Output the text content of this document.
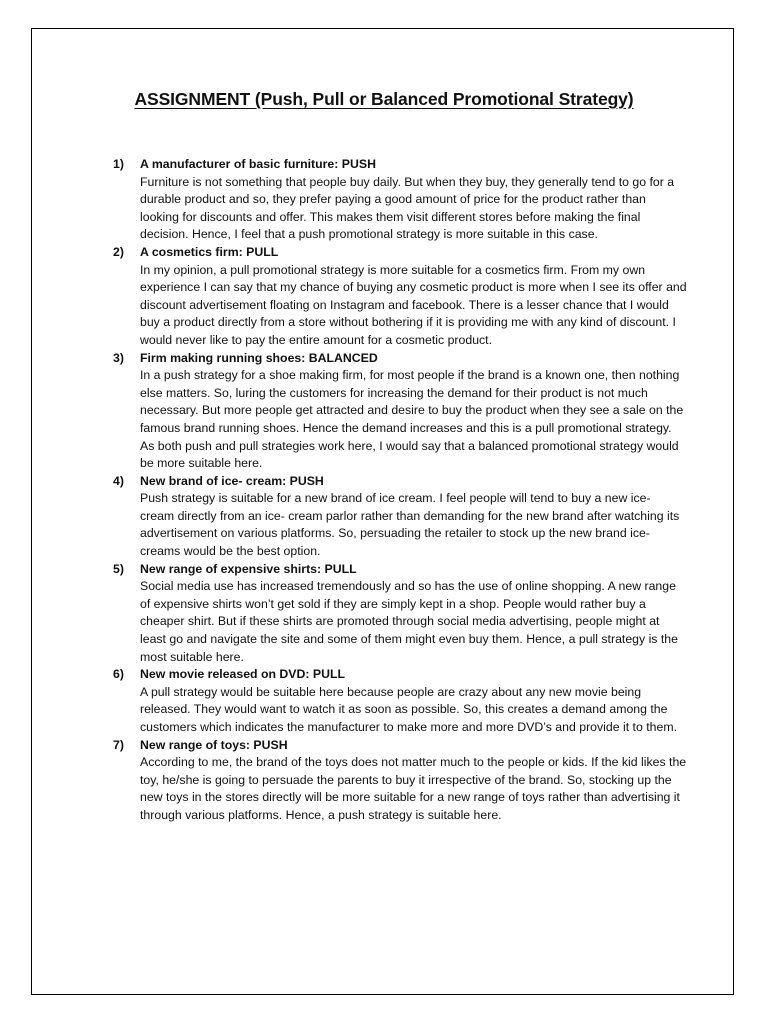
ASSIGNMENT (Push, Pull or Balanced Promotional Strategy)
1) A manufacturer of basic furniture: PUSH
Furniture is not something that people buy daily. But when they buy, they generally tend to go for a durable product and so, they prefer paying a good amount of price for the product rather than looking for discounts and offer. This makes them visit different stores before making the final decision. Hence, I feel that a push promotional strategy is more suitable in this case.
2) A cosmetics firm: PULL
In my opinion, a pull promotional strategy is more suitable for a cosmetics firm. From my own experience I can say that my chance of buying any cosmetic product is more when I see its offer and discount advertisement floating on Instagram and facebook. There is a lesser chance that I would buy a product directly from a store without bothering if it is providing me with any kind of discount. I would never like to pay the entire amount for a cosmetic product.
3) Firm making running shoes: BALANCED
In a push strategy for a shoe making firm, for most people if the brand is a known one, then nothing else matters. So, luring the customers for increasing the demand for their product is not much necessary. But more people get attracted and desire to buy the product when they see a sale on the famous brand running shoes. Hence the demand increases and this is a pull promotional strategy. As both push and pull strategies work here, I would say that a balanced promotional strategy would be more suitable here.
4) New brand of ice- cream: PUSH
Push strategy is suitable for a new brand of ice cream. I feel people will tend to buy a new ice- cream directly from an ice- cream parlor rather than demanding for the new brand after watching its advertisement on various platforms. So, persuading the retailer to stock up the new brand ice- creams would be the best option.
5) New range of expensive shirts: PULL
Social media use has increased tremendously and so has the use of online shopping. A new range of expensive shirts won’t get sold if they are simply kept in a shop. People would rather buy a cheaper shirt. But if these shirts are promoted through social media advertising, people might at least go and navigate the site and some of them might even buy them. Hence, a pull strategy is the most suitable here.
6) New movie released on DVD: PULL
A pull strategy would be suitable here because people are crazy about any new movie being released. They would want to watch it as soon as possible. So, this creates a demand among the customers which indicates the manufacturer to make more and more DVD’s and provide it to them.
7) New range of toys: PUSH
According to me, the brand of the toys does not matter much to the people or kids. If the kid likes the toy, he/she is going to persuade the parents to buy it irrespective of the brand. So, stocking up the new toys in the stores directly will be more suitable for a new range of toys rather than advertising it through various platforms. Hence, a push strategy is suitable here.
